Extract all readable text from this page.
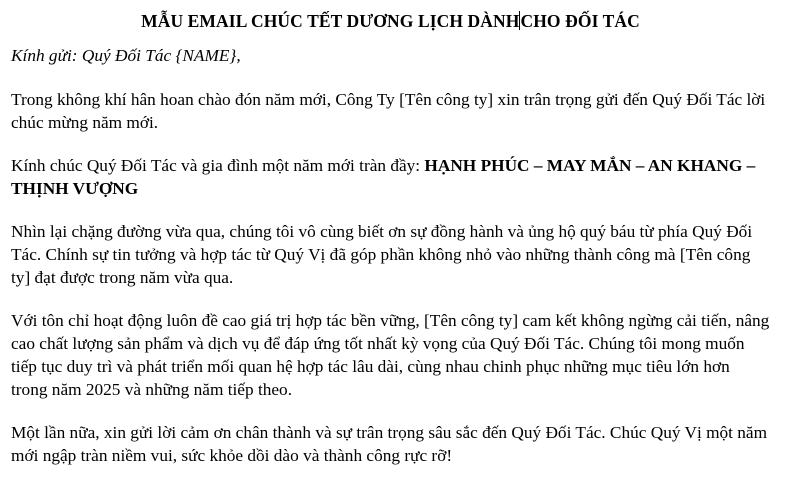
MẪU EMAIL CHÚC TẾT DƯƠNG LỊCH DÀNHCHO ĐỐI TÁC

Kính gửi: Quý Đối Tác {NAME},

Trong không khí hân hoan chào đón năm mới, Công Ty [Tên công ty] xin trân trọng gửi đến Quý Đối Tác lời chúc mừng năm mới.

Kính chúc Quý Đối Tác và gia đình một năm mới tràn đầy: HẠNH PHÚC – MAY MẮN – AN KHANG – THỊNH VƯỢNG

Nhìn lại chặng đường vừa qua, chúng tôi vô cùng biết ơn sự đồng hành và ủng hộ quý báu từ phía Quý Đối Tác. Chính sự tin tưởng và hợp tác từ Quý Vị đã góp phần không nhỏ vào những thành công mà [Tên công ty] đạt được trong năm vừa qua.

Với tôn chỉ hoạt động luôn đề cao giá trị hợp tác bền vững, [Tên công ty] cam kết không ngừng cải tiến, nâng cao chất lượng sản phẩm và dịch vụ để đáp ứng tốt nhất kỳ vọng của Quý Đối Tác. Chúng tôi mong muốn tiếp tục duy trì và phát triển mối quan hệ hợp tác lâu dài, cùng nhau chinh phục những mục tiêu lớn hơn trong năm 2025 và những năm tiếp theo.

Một lần nữa, xin gửi lời cảm ơn chân thành và sự trân trọng sâu sắc đến Quý Đối Tác. Chúc Quý Vị một năm mới ngập tràn niềm vui, sức khỏe dồi dào và thành công rực rỡ!
